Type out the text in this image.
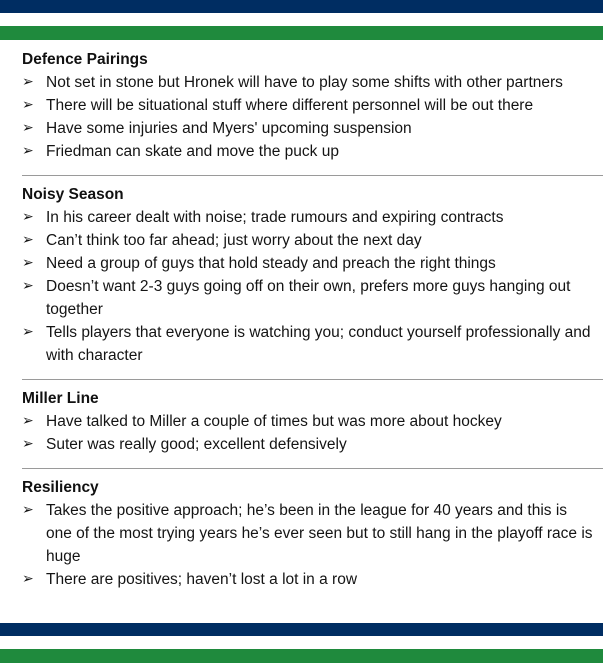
Defence Pairings
➢ Not set in stone but Hronek will have to play some shifts with other partners
➢ There will be situational stuff where different personnel will be out there
➢ Have some injuries and Myers' upcoming suspension
➢ Friedman can skate and move the puck up
Noisy Season
➢ In his career dealt with noise; trade rumours and expiring contracts
➢ Can’t think too far ahead; just worry about the next day
➢ Need a group of guys that hold steady and preach the right things
➢ Doesn’t want 2-3 guys going off on their own, prefers more guys hanging out together
➢ Tells players that everyone is watching you; conduct yourself professionally and with character
Miller Line
➢ Have talked to Miller a couple of times but was more about hockey
➢ Suter was really good; excellent defensively
Resiliency
➢ Takes the positive approach; he’s been in the league for 40 years and this is one of the most trying years he’s ever seen but to still hang in the playoff race is huge
➢ There are positives; haven’t lost a lot in a row
